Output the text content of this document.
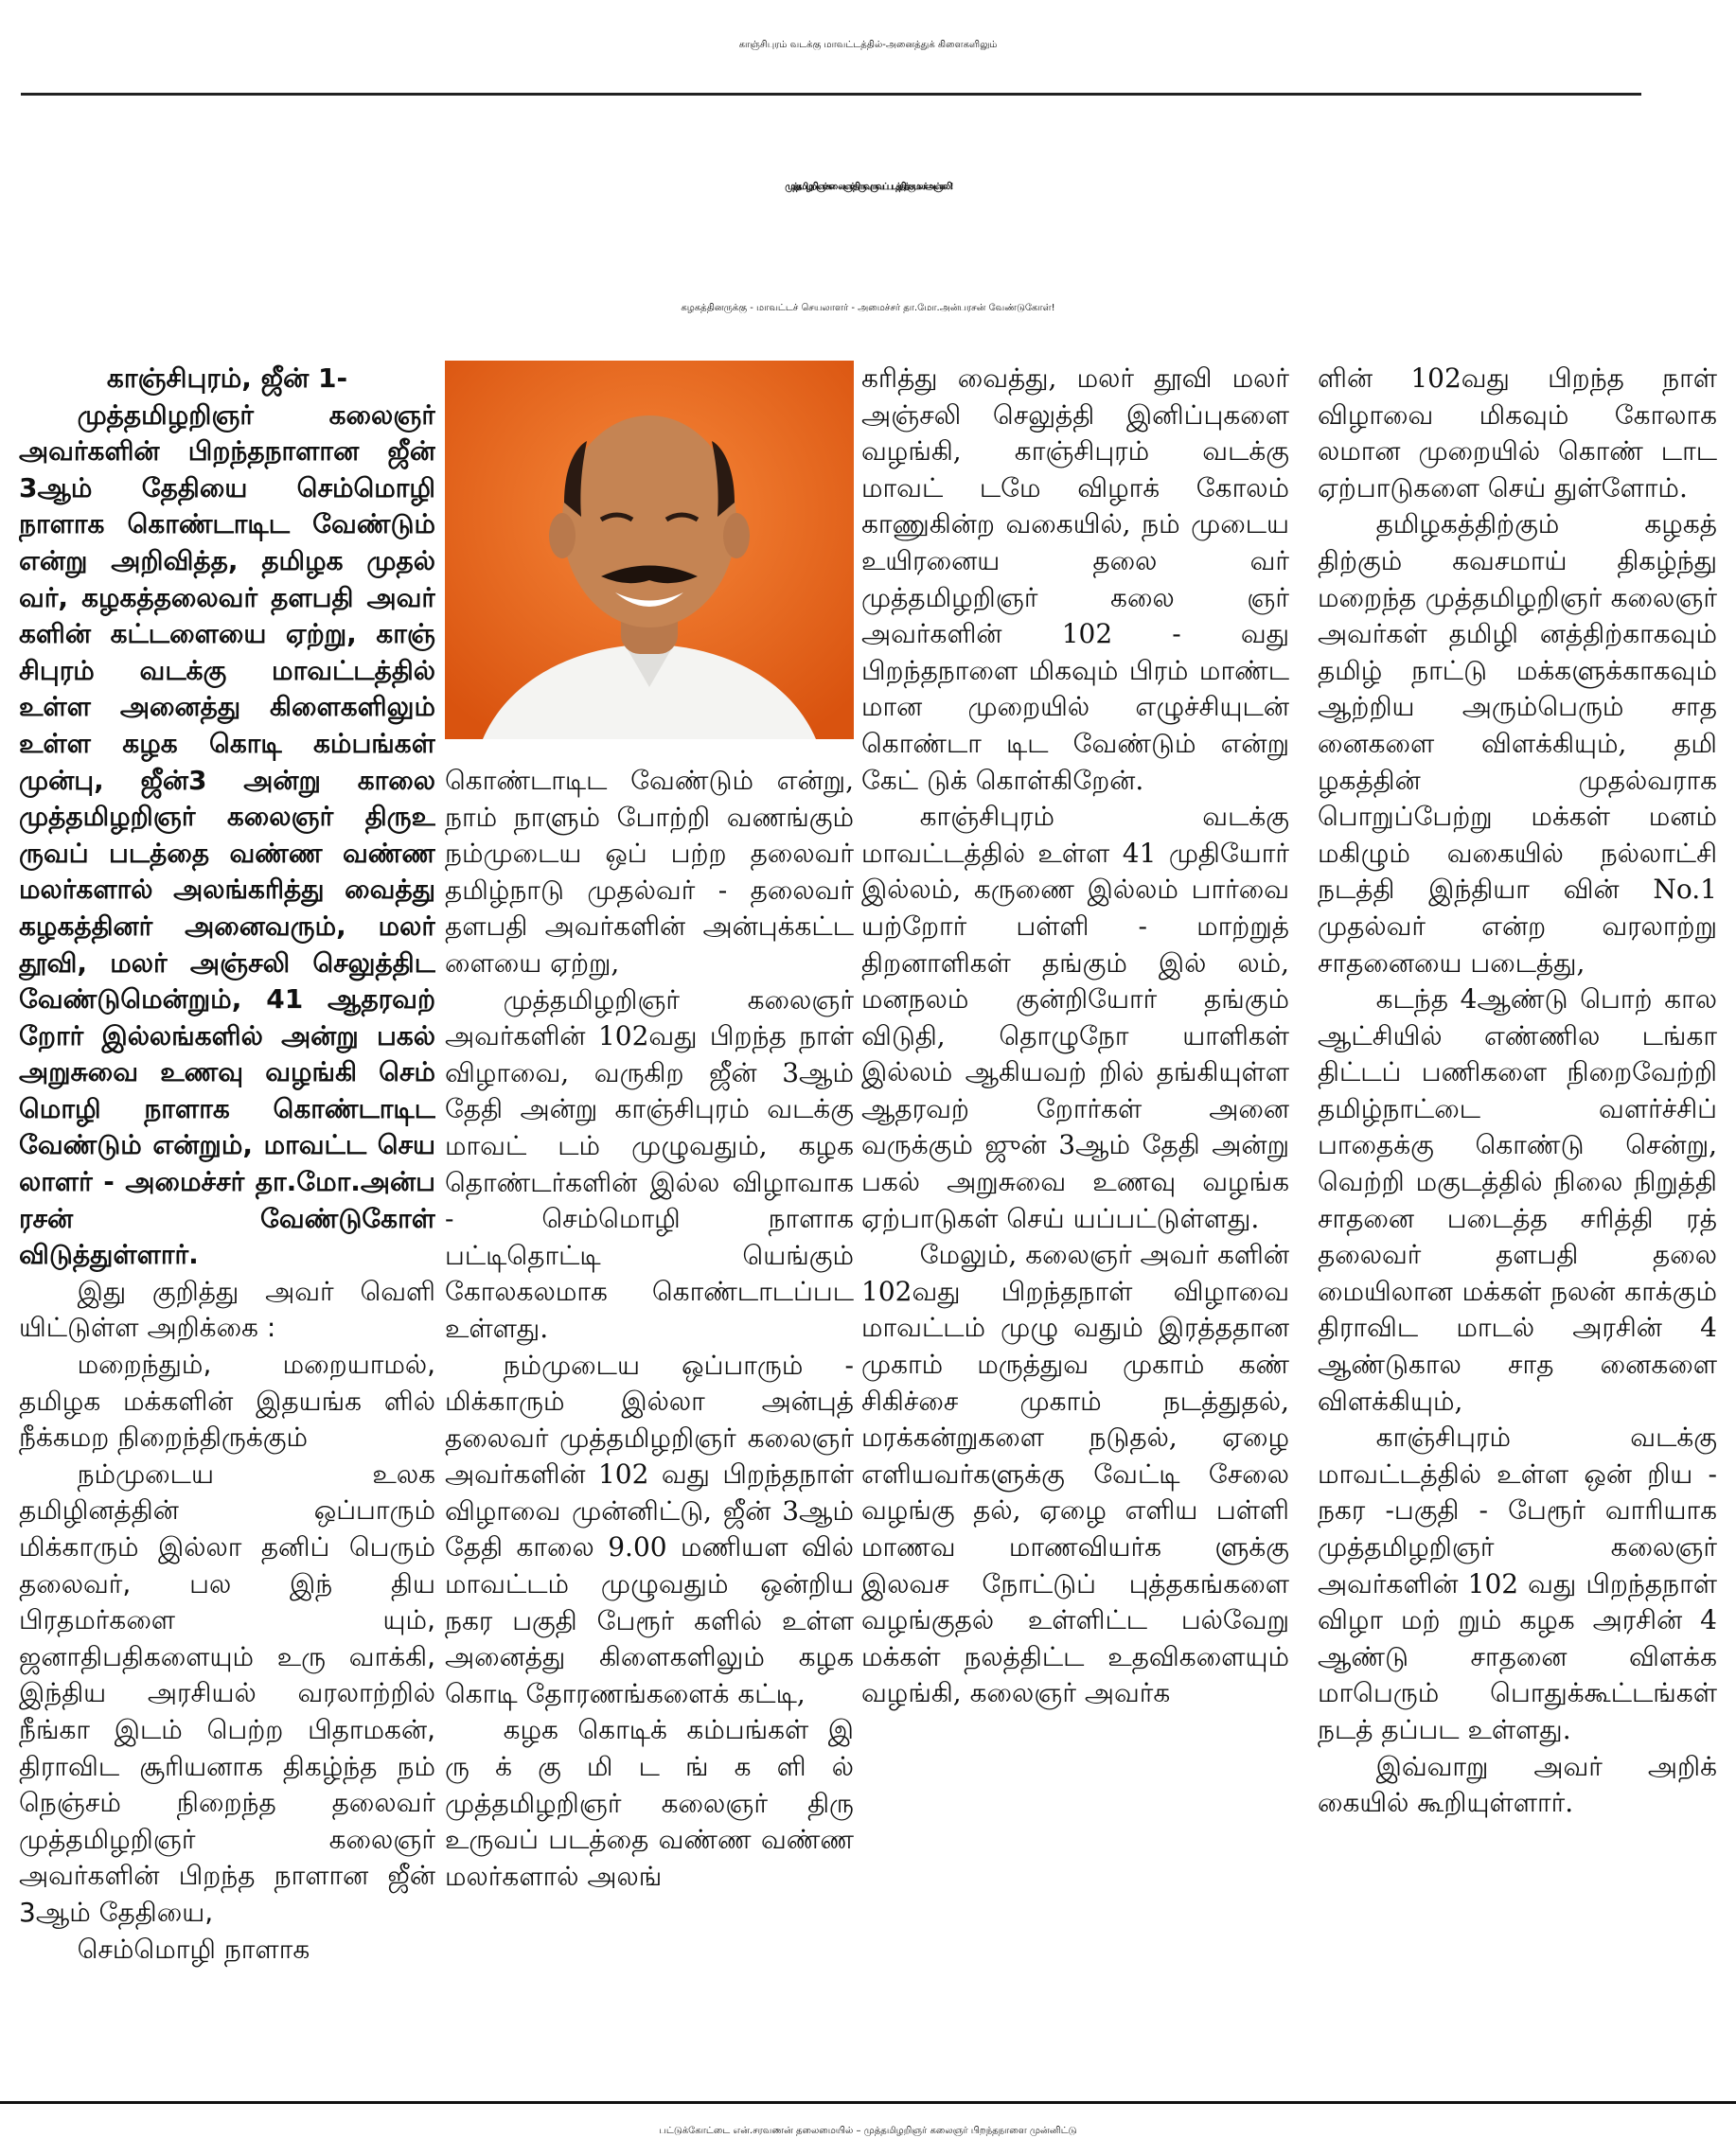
காஞ்சிபுரம் வடக்கு மாவட்டத்தில்-அனைத்துக் கிளைகளிலும்
முத்தமிழறிஞர் கலைஞர் திருவுருவப் படத்திற்கு மலர்அஞ்சலி!
கழகத்தினருக்கு - மாவட்டச் செயலாளர் - அமைச்சர் தா.மோ.அன்பரசன் வேண்டுகோள்!

காஞ்சிபுரம், ஜீன் 1-

முத்தமிழறிஞர் கலைஞர் அவர்களின் பிறந்தநாளான ஜீன் 3ஆம் தேதியை செம்மொழி நாளாக கொண்டாடிட வேண்டும் என்று அறிவித்த, தமிழக முதல் வர், கழகத்தலைவர் தளபதி அவர் களின் கட்டளையை ஏற்று, காஞ் சிபுரம் வடக்கு மாவட்டத்தில் உள்ள அனைத்து கிளைகளிலும் உள்ள கழக கொடி கம்பங்கள் முன்பு, ஜீன்3 அன்று காலை முத்தமிழறிஞர் கலைஞர் திருஉ ருவப் படத்தை வண்ண வண்ண மலர்களால் அலங்கரித்து வைத்து கழகத்தினர் அனைவரும், மலர் தூவி, மலர் அஞ்சலி செலுத்திட வேண்டுமென்றும், 41 ஆதரவற் றோர் இல்லங்களில் அன்று பகல் அறுசுவை உணவு வழங்கி செம் மொழி நாளாக கொண்டாடிட வேண்டும் என்றும், மாவட்ட செய லாளர் - அமைச்சர் தா.மோ.அன்ப ரசன் வேண்டுகோள் விடுத்துள்ளார்.

இது குறித்து அவர் வெளி யிட்டுள்ள அறிக்கை :

மறைந்தும், மறையாமல், தமிழக மக்களின் இதயங்க ளில் நீக்கமற நிறைந்திருக்கும்

நம்முடைய உலக தமிழினத்தின் ஒப்பாரும் மிக்காரும் இல்லா தனிப் பெரும் தலைவர், பல இந் திய பிரதமர்களை யும், ஜனாதிபதிகளையும் உரு வாக்கி, இந்திய அரசியல் வரலாற்றில் நீங்கா இடம் பெற்ற பிதாமகன், திராவிட சூரியனாக திகழ்ந்த நம் நெஞ்சம் நிறைந்த தலைவர் முத்தமிழறிஞர் கலைஞர் அவர்களின் பிறந்த நாளான ஜீன் 3ஆம் தேதியை,

செம்மொழி நாளாக

கொண்டாடிட வேண்டும் என்று, நாம் நாளும் போற்றி வணங்கும் நம்முடைய ஒப் பற்ற தலைவர் தமிழ்நாடு முதல்வர் - தலைவர் தளபதி அவர்களின் அன்புக்கட்ட ளையை ஏற்று,

முத்தமிழறிஞர் கலைஞர் அவர்களின் 102வது பிறந்த நாள் விழாவை, வருகிற ஜீன் 3ஆம் தேதி அன்று காஞ்சிபுரம் வடக்கு மாவட் டம் முழுவதும், கழக தொண்டர்களின் இல்ல விழாவாக - செம்மொழி நாளாக பட்டிதொட்டி யெங்கும் கோலகலமாக கொண்டாடப்பட உள்ளது.

நம்முடைய ஒப்பாரும் - மிக்காரும் இல்லா அன்புத் தலைவர் முத்தமிழறிஞர் கலைஞர் அவர்களின் 102 வது பிறந்தநாள் விழாவை முன்னிட்டு, ஜீன் 3ஆம் தேதி காலை 9.00 மணியள வில் மாவட்டம் முழுவதும் ஒன்றிய நகர பகுதி பேரூர் களில் உள்ள அனைத்து கிளைகளிலும் கழக கொடி தோரணங்களைக் கட்டி,

கழக கொடிக் கம்பங்கள் இ ரு க் கு மி ட ங் க ளி ல் முத்தமிழறிஞர் கலைஞர் திரு உருவப் படத்தை வண்ண வண்ண மலர்களால் அலங்

கரித்து வைத்து, மலர் தூவி மலர் அஞ்சலி செலுத்தி இனிப்புகளை வழங்கி, காஞ்சிபுரம் வடக்கு மாவட் டமே விழாக் கோலம் காணுகின்ற வகையில், நம் முடைய உயிரனைய தலை வர் முத்தமிழறிஞர் கலை ஞர் அவர்களின் 102 - வது பிறந்தநாளை மிகவும் பிரம் மாண்ட மான முறையில் எழுச்சியுடன் கொண்டா டிட வேண்டும் என்று கேட் டுக் கொள்கிறேன்.

காஞ்சிபுரம் வடக்கு மாவட்டத்தில் உள்ள 41 முதியோர் இல்லம், கருணை இல்லம் பார்வை யற்றோர் பள்ளி - மாற்றுத் திறனாளிகள் தங்கும் இல் லம், மனநலம் குன்றியோர் தங்கும் விடுதி, தொழுநோ யாளிகள் இல்லம் ஆகியவற் றில் தங்கியுள்ள ஆதரவற் றோர்கள் அனை வருக்கும் ஜுன் 3ஆம் தேதி அன்று பகல் அறுசுவை உணவு வழங்க ஏற்பாடுகள் செய் யப்பட்டுள்ளது.

மேலும், கலைஞர் அவர் களின் 102வது பிறந்தநாள் விழாவை மாவட்டம் முழு வதும் இரத்ததான முகாம் மருத்துவ முகாம் கண் சிகிச்சை முகாம் நடத்துதல், மரக்கன்றுகளை நடுதல், ஏழை எளியவர்களுக்கு வேட்டி சேலை வழங்கு தல், ஏழை எளிய பள்ளி மாணவ மாணவியர்க ளுக்கு இலவச நோட்டுப் புத்தகங்களை வழங்குதல் உள்ளிட்ட பல்வேறு மக்கள் நலத்திட்ட உதவிகளையும் வழங்கி, கலைஞர் அவர்க

ளின் 102வது பிறந்த நாள் விழாவை மிகவும் கோலாக லமான முறையில் கொண் டாட ஏற்பாடுகளை செய் துள்ளோம்.

தமிழகத்திற்கும் கழகத் திற்கும் கவசமாய் திகழ்ந்து மறைந்த முத்தமிழறிஞர் கலைஞர் அவர்கள் தமிழி னத்திற்காகவும் தமிழ் நாட்டு மக்களுக்காகவும் ஆற்றிய அரும்பெரும் சாத னைகளை விளக்கியும், தமி ழகத்தின் முதல்வராக பொறுப்பேற்று மக்கள் மனம் மகிழும் வகையில் நல்லாட்சி நடத்தி இந்தியா வின் No.1 முதல்வர் என்ற வரலாற்று சாதனையை படைத்து,

கடந்த 4ஆண்டு பொற் கால ஆட்சியில் எண்ணில டங்கா திட்டப் பணிகளை நிறைவேற்றி தமிழ்நாட்டை வளர்ச்சிப் பாதைக்கு கொண்டு சென்று, வெற்றி மகுடத்தில் நிலை நிறுத்தி சாதனை படைத்த சரித்தி ரத் தலைவர் தளபதி தலை மையிலான மக்கள் நலன் காக்கும் திராவிட மாடல் அரசின் 4 ஆண்டுகால சாத னைகளை விளக்கியும்,

காஞ்சிபுரம் வடக்கு மாவட்டத்தில் உள்ள ஒன் றிய - நகர -பகுதி - பேரூர் வாரியாக முத்தமிழறிஞர் கலைஞர் அவர்களின் 102 வது பிறந்தநாள் விழா மற் றும் கழக அரசின் 4 ஆண்டு சாதனை விளக்க மாபெரும் பொதுக்கூட்டங்கள் நடத் தப்பட உள்ளது.

இவ்வாறு அவர் அறிக் கையில் கூறியுள்ளார்.

பட்டுக்கோட்டை என்.சரவணன் தலைமையில் – முத்தமிழறிஞர் கலைஞர் பிறந்தநாளை முன்னிட்டு
